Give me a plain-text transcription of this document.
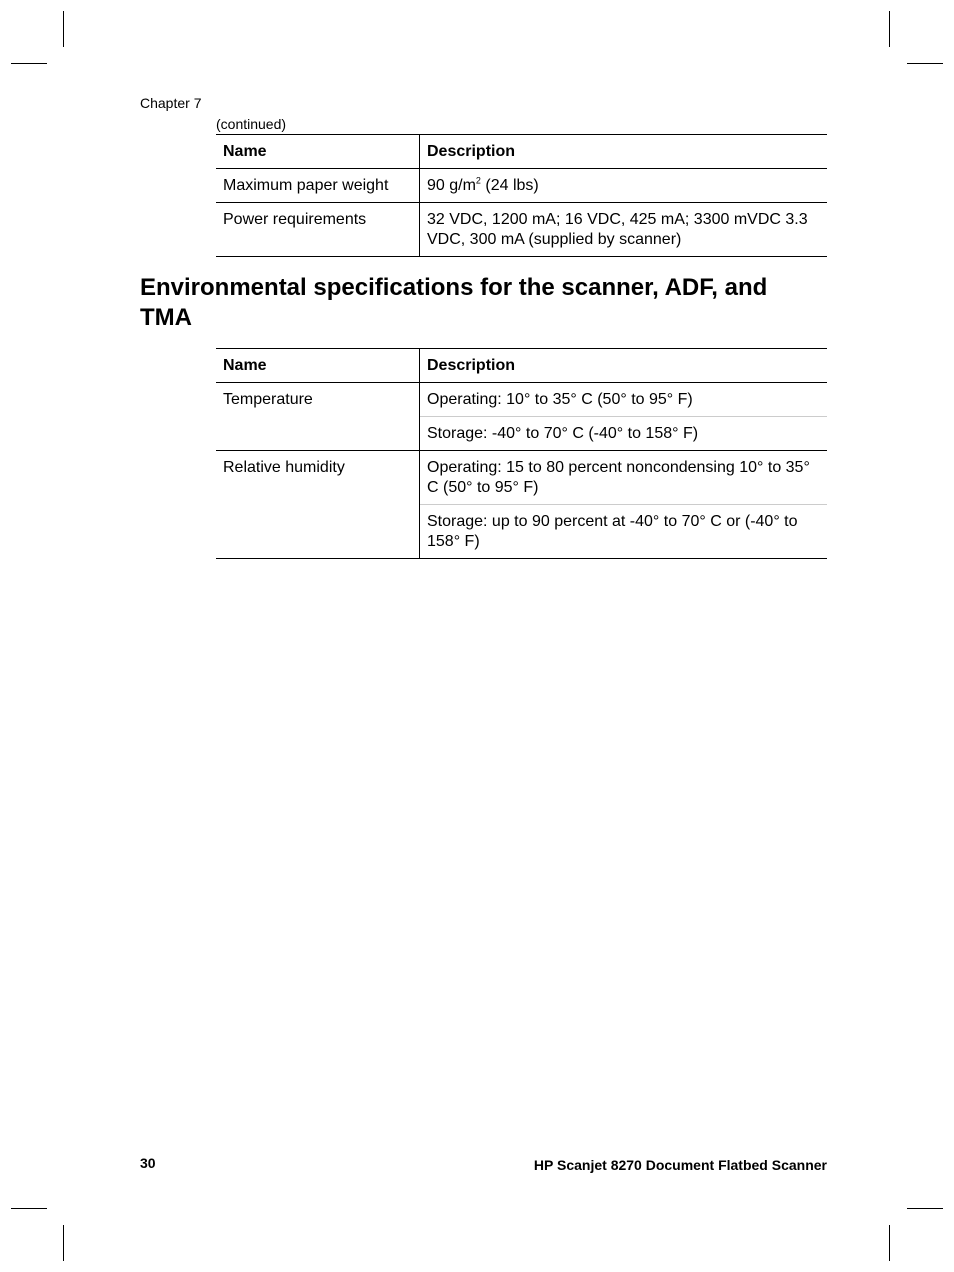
Chapter 7
(continued)
Name	Description
Maximum paper weight	90 $g/m^2$ (24 lbs)
Power requirements	32 VDC, 1200 mA; 16 VDC, 425 mA; 3300 mVDC 3.3 VDC, 300 mA (supplied by scanner)
Environmental specifications for the scanner, ADF, and TMA
Name	Description
Temperature	Operating: 10° to 35° C (50° to 95° F)
	Storage: -40° to 70° C (-40° to 158° F)
Relative humidity	Operating: 15 to 80 percent noncondensing 10° to 35° C (50° to 95° F)
	Storage: up to 90 percent at -40° to 70° C or (-40° to 158° F)
30	HP Scanjet 8270 Document Flatbed Scanner
